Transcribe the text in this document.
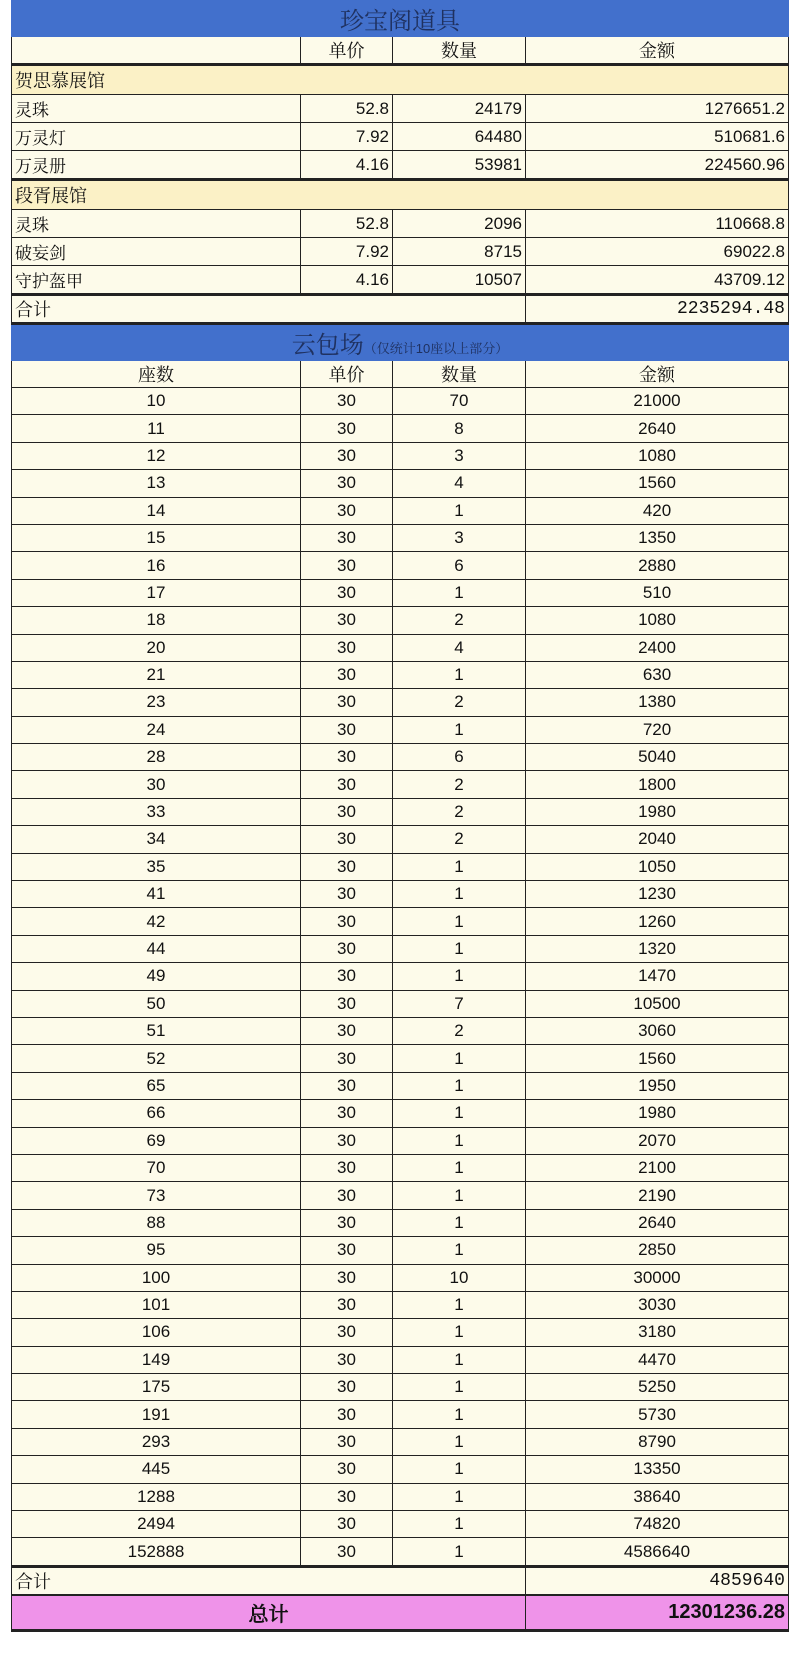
珍宝阁道具			
	单价	数量	金额
贺思慕展馆			
灵珠	52.8	24179	1276651.2
万灵灯	7.92	64480	510681.6
万灵册	4.16	53981	224560.96
段胥展馆			
灵珠	52.8	2096	110668.8
破妄剑	7.92	8715	69022.8
守护盔甲	4.16	10507	43709.12
合计			2235294.48
云包场（仅统计10座以上部分）			
座数	单价	数量	金额
10	30	70	21000
11	30	8	2640
12	30	3	1080
13	30	4	1560
14	30	1	420
15	30	3	1350
16	30	6	2880
17	30	1	510
18	30	2	1080
20	30	4	2400
21	30	1	630
23	30	2	1380
24	30	1	720
28	30	6	5040
30	30	2	1800
33	30	2	1980
34	30	2	2040
35	30	1	1050
41	30	1	1230
42	30	1	1260
44	30	1	1320
49	30	1	1470
50	30	7	10500
51	30	2	3060
52	30	1	1560
65	30	1	1950
66	30	1	1980
69	30	1	2070
70	30	1	2100
73	30	1	2190
88	30	1	2640
95	30	1	2850
100	30	10	30000
101	30	1	3030
106	30	1	3180
149	30	1	4470
175	30	1	5250
191	30	1	5730
293	30	1	8790
445	30	1	13350
1288	30	1	38640
2494	30	1	74820
152888	30	1	4586640
合计			4859640
总计			12301236.28
